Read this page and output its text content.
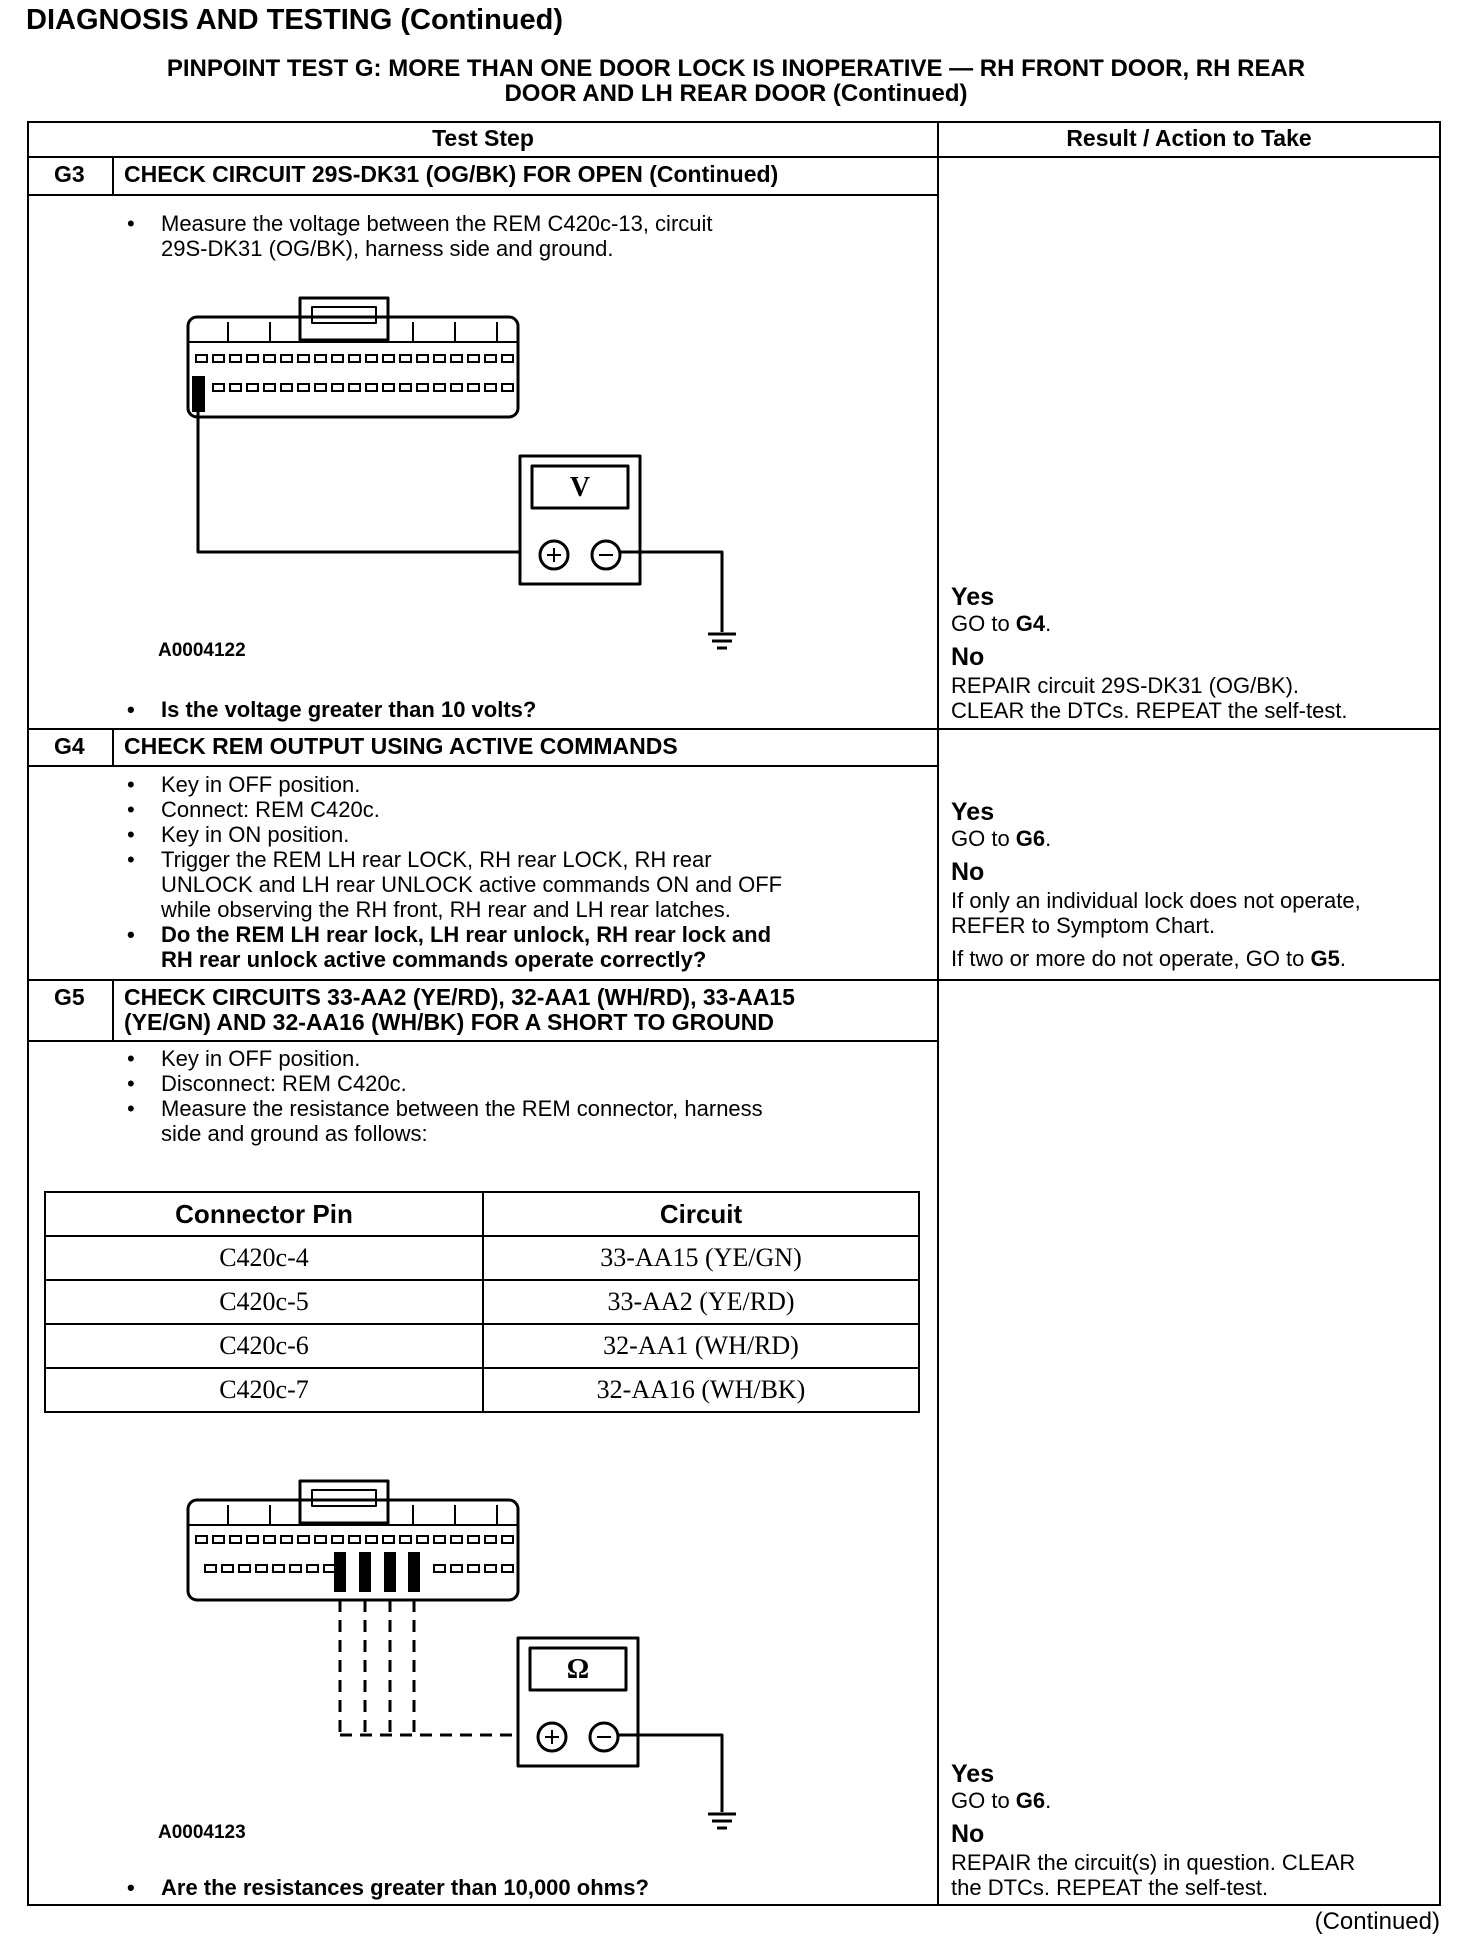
DIAGNOSIS AND TESTING (Continued)
PINPOINT TEST G: MORE THAN ONE DOOR LOCK IS INOPERATIVE — RH FRONT DOOR, RH REAR
DOOR AND LH REAR DOOR (Continued)
Test Step	Result / Action to Take
G3 CHECK CIRCUIT 29S-DK31 (OG/BK) FOR OPEN (Continued)
• Measure the voltage between the REM C420c-13, circuit
29S-DK31 (OG/BK), harness side and ground.
V
A0004122
• Is the voltage greater than 10 volts?
Yes
GO to G4.
No
REPAIR circuit 29S-DK31 (OG/BK).
CLEAR the DTCs. REPEAT the self-test.
G4 CHECK REM OUTPUT USING ACTIVE COMMANDS
• Key in OFF position.
• Connect: REM C420c.
• Key in ON position.
• Trigger the REM LH rear LOCK, RH rear LOCK, RH rear
UNLOCK and LH rear UNLOCK active commands ON and OFF
while observing the RH front, RH rear and LH rear latches.
• Do the REM LH rear lock, LH rear unlock, RH rear lock and
RH rear unlock active commands operate correctly?
Yes
GO to G6.
No
If only an individual lock does not operate,
REFER to Symptom Chart.
If two or more do not operate, GO to G5.
G5 CHECK CIRCUITS 33-AA2 (YE/RD), 32-AA1 (WH/RD), 33-AA15
(YE/GN) AND 32-AA16 (WH/BK) FOR A SHORT TO GROUND
• Key in OFF position.
• Disconnect: REM C420c.
• Measure the resistance between the REM connector, harness
side and ground as follows:
Connector Pin	Circuit
C420c-4	33-AA15 (YE/GN)
C420c-5	33-AA2 (YE/RD)
C420c-6	32-AA1 (WH/RD)
C420c-7	32-AA16 (WH/BK)
Ω
A0004123
• Are the resistances greater than 10,000 ohms?
Yes
GO to G6.
No
REPAIR the circuit(s) in question. CLEAR
the DTCs. REPEAT the self-test.
(Continued)
